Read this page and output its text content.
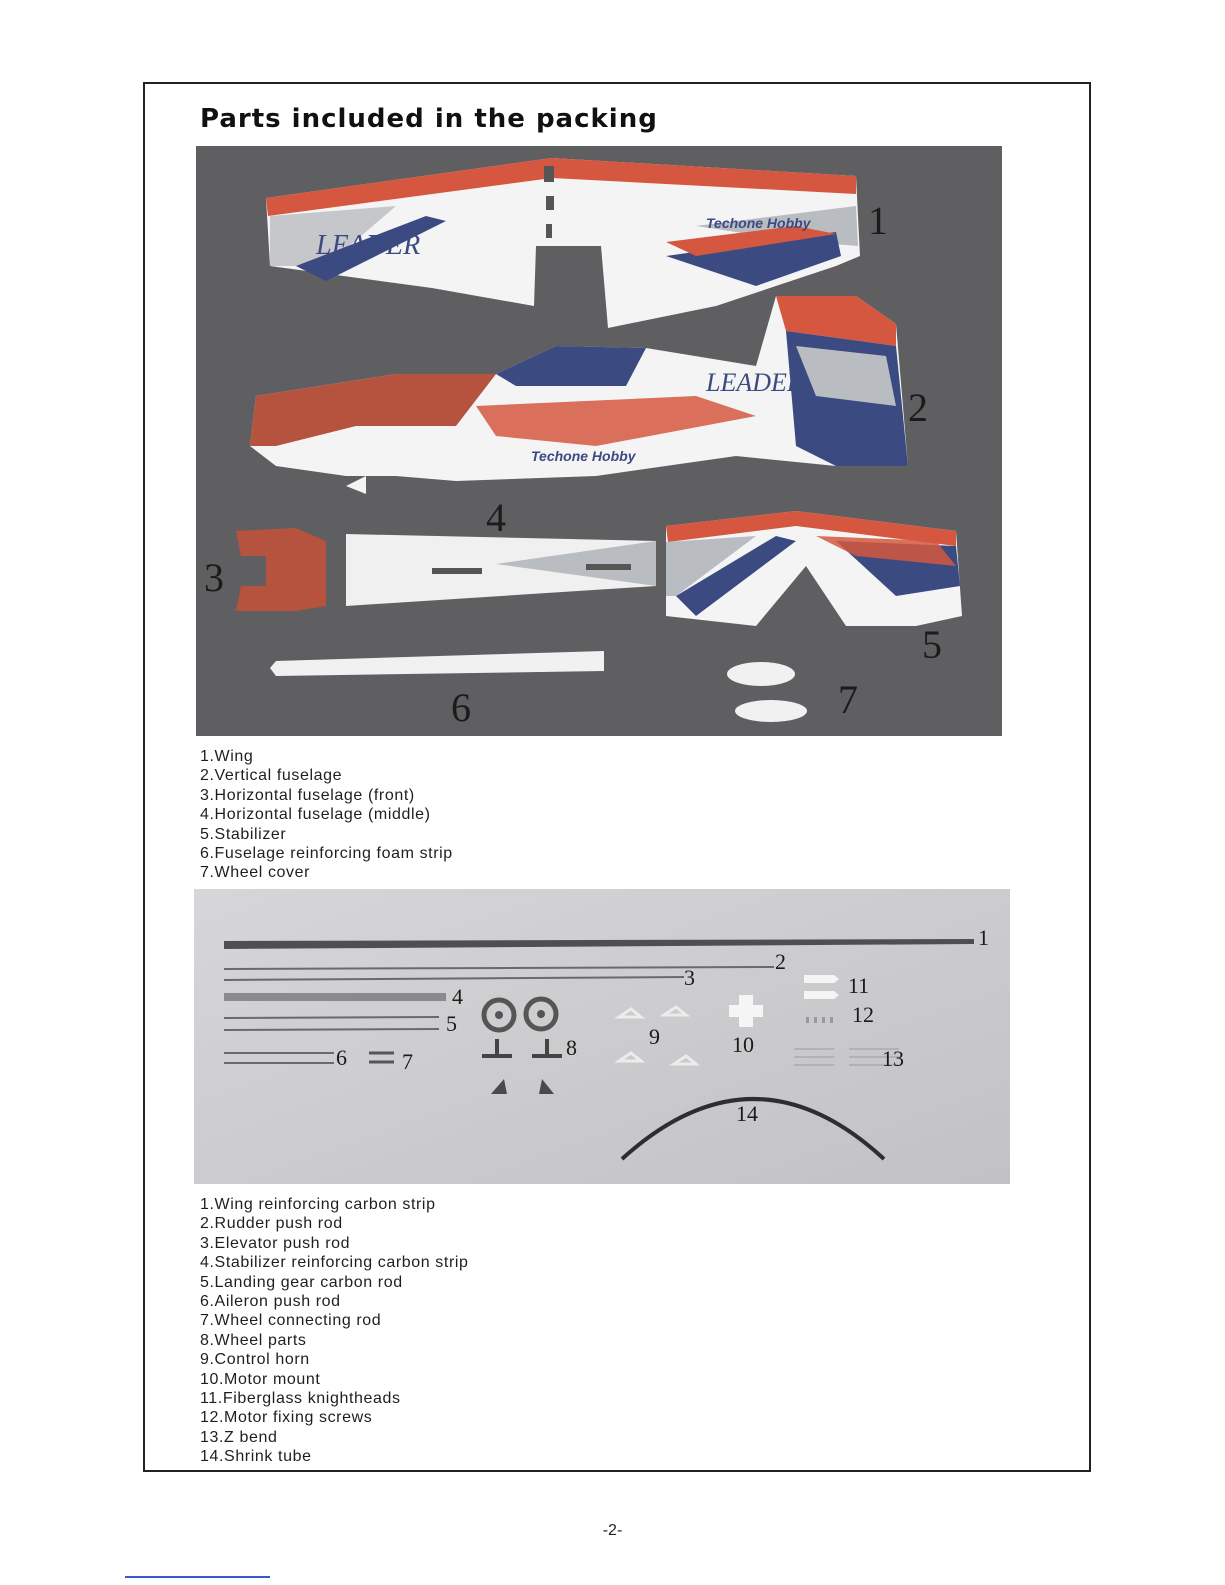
Parts included in the packing
LEADER
Techone Hobby
LEADER
Techone Hobby
1
2
3
4
5
6	7
1.Wing
2.Vertical fuselage
3.Horizontal fuselage (front)
4.Horizontal fuselage (middle)
5.Stabilizer
6.Fuselage reinforcing foam strip
7.Wheel cover
1
2
3
4
5
6	7
8	9	10
11
12
13
14
1.Wing reinforcing carbon strip
2.Rudder push rod
3.Elevator push rod
4.Stabilizer reinforcing carbon strip
5.Landing gear carbon rod
6.Aileron push rod
7.Wheel connecting rod
8.Wheel parts
9.Control horn
10.Motor mount
11.Fiberglass knightheads
12.Motor fixing screws
13.Z bend
14.Shrink tube
-2-
